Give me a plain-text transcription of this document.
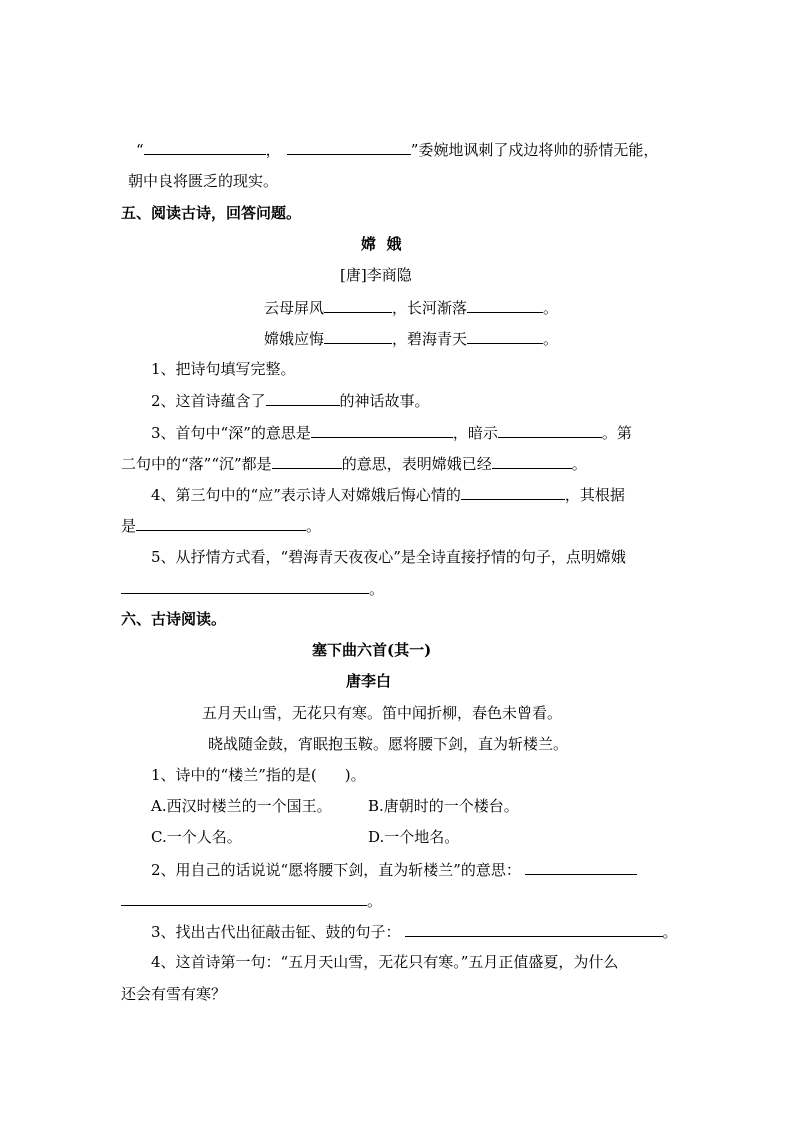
“	，	”委婉地讽刺了戍边将帅的骄情无能，
朝中良将匮乏的现实。
五、阅读古诗，回答问题。
嫦  娥
[唐]李商隐
云母屏风	，长河渐落	。
嫦娥应悔	，碧海青天	。
1、把诗句填写完整。
2、这首诗蕴含了	的神话故事。
3、首句中“深”的意思是	，暗示	。第
二句中的“落”“沉”都是	的意思，表明嫦娥已经	。
4、第三句中的“应”表示诗人对嫦娥后悔心情的	，其根据
是	。
5、从抒情方式看，“碧海青天夜夜心”是全诗直接抒情的句子，点明嫦娥
。
六、古诗阅读。
塞下曲六首(其一)
唐李白
五月天山雪，无花只有寒。笛中闻折柳，春色未曾看。
晓战随金鼓，宵眠抱玉鞍。愿将腰下剑，直为斩楼兰。
1、诗中的“楼兰”指的是( )。
A.西汉时楼兰的一个国王。 B.唐朝时的一个楼台。
C.一个人名。	D.一个地名。
2、用自己的话说说“愿将腰下剑，直为斩楼兰”的意思：
。
3、找出古代出征敲击钲、鼓的句子：	。
4、这首诗第一句：“五月天山雪，无花只有寒。”五月正值盛夏，为什么
还会有雪有寒？
